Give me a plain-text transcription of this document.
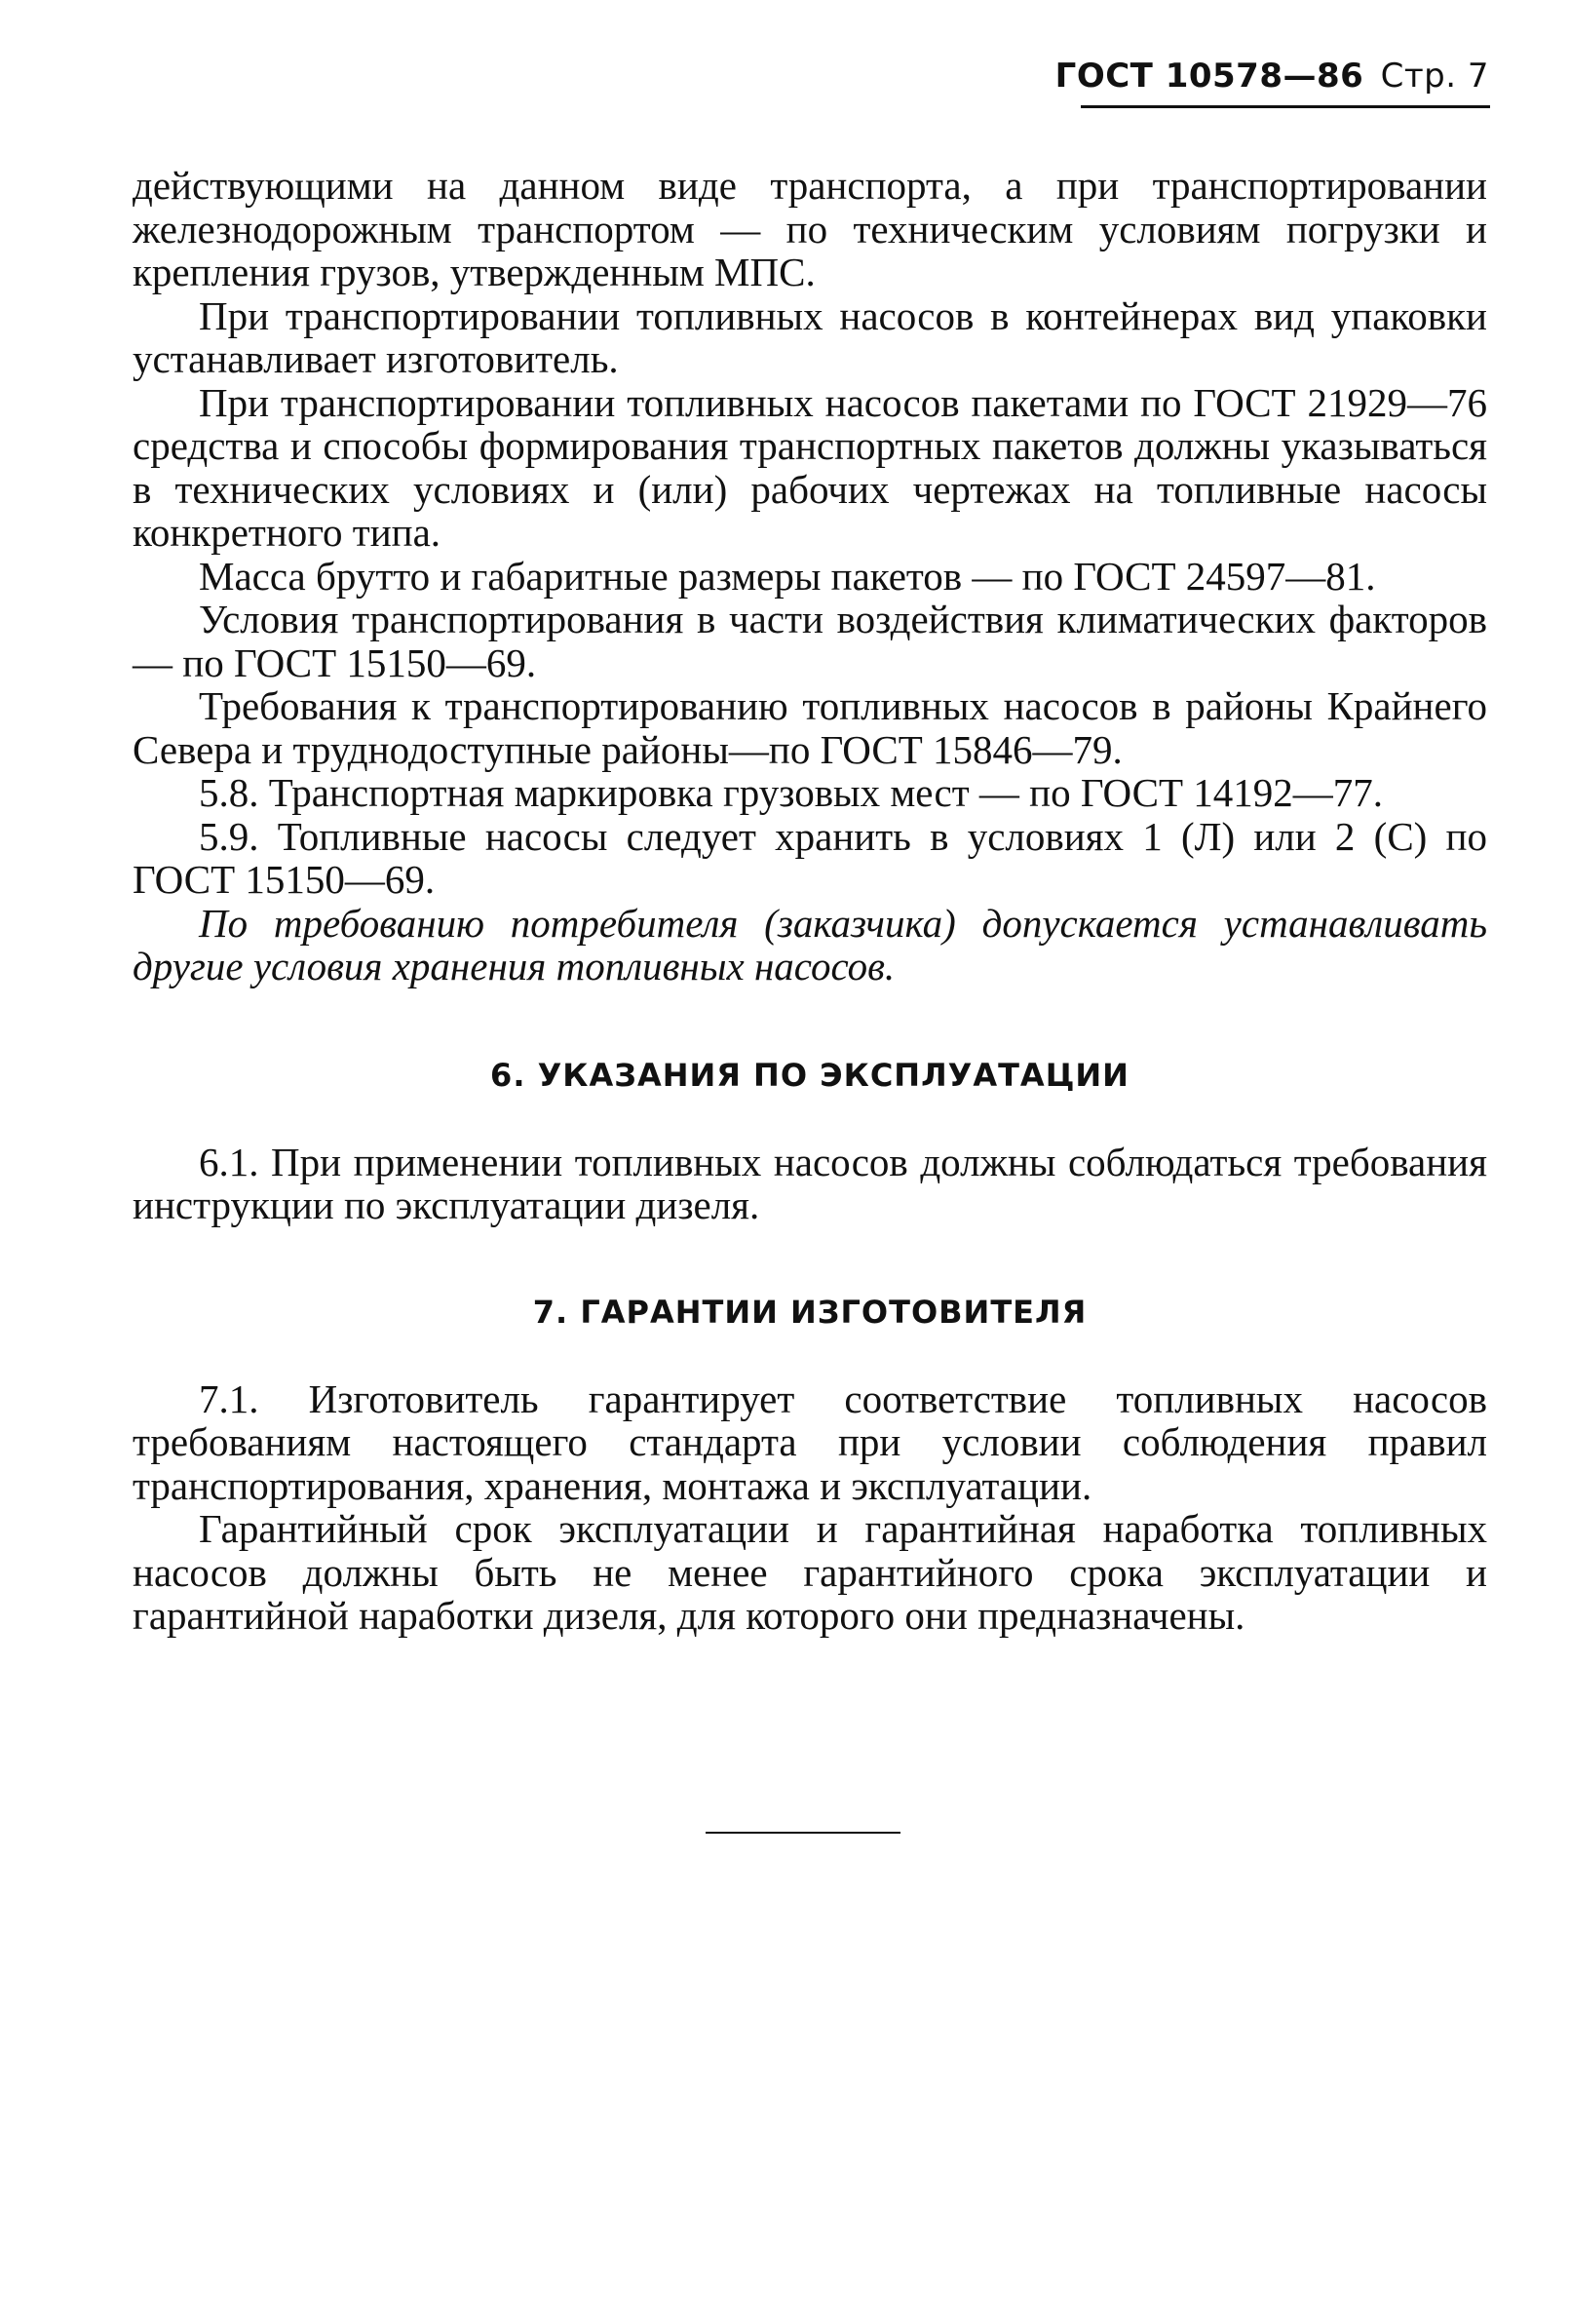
ГОСТ 10578—86 Стр. 7

действующими на данном виде транспорта, а при транспортировании железнодорожным транспортом — по техническим условиям погрузки и крепления грузов, утвержденным МПС.

При транспортировании топливных насосов в контейнерах вид упаковки устанавливает изготовитель.

При транспортировании топливных насосов пакетами по ГОСТ 21929—76 средства и способы формирования транспортных пакетов должны указываться в технических условиях и (или) рабочих чертежах на топливные насосы конкретного типа.

Масса брутто и габаритные размеры пакетов — по ГОСТ 24597—81.

Условия транспортирования в части воздействия климатических факторов — по ГОСТ 15150—69.

Требования к транспортированию топливных насосов в районы Крайнего Севера и труднодоступные районы—по ГОСТ 15846—79.

5.8. Транспортная маркировка грузовых мест — по ГОСТ 14192—77.

5.9. Топливные насосы следует хранить в условиях 1 (Л) или 2 (С) по ГОСТ 15150—69.

По требованию потребителя (заказчика) допускается устанавливать другие условия хранения топливных насосов.

6. УКАЗАНИЯ ПО ЭКСПЛУАТАЦИИ

6.1. При применении топливных насосов должны соблюдаться требования инструкции по эксплуатации дизеля.

7. ГАРАНТИИ ИЗГОТОВИТЕЛЯ

7.1. Изготовитель гарантирует соответствие топливных насосов требованиям настоящего стандарта при условии соблюдения правил транспортирования, хранения, монтажа и эксплуатации.

Гарантийный срок эксплуатации и гарантийная наработка топливных насосов должны быть не менее гарантийного срока эксплуатации и гарантийной наработки дизеля, для которого они предназначены.
